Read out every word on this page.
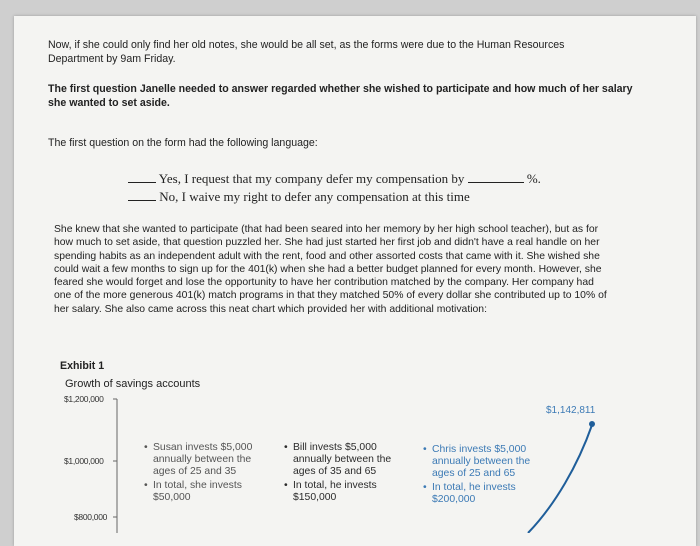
Now, if she could only find her old notes, she would be all set, as the forms were due to the Human Resources Department by 9am Friday.

The first question Janelle needed to answer regarded whether she wished to participate and how much of her salary she wanted to set aside.

The first question on the form had the following language:

Yes, I request that my company defer my compensation by	%.
No, I waive my right to defer any compensation at this time

She knew that she wanted to participate (that had been seared into her memory by her high school teacher), but as for how much to set aside, that question puzzled her. She had just started her first job and didn't have a real handle on her spending habits as an independent adult with the rent, food and other assorted costs that came with it. She wished she could wait a few months to sign up for the 401(k) when she had a better budget planned for every month. However, she feared she would forget and lose the opportunity to have her contribution matched by the company. Her company had one of the more generous 401(k) match programs in that they matched 50% of every dollar she contributed up to 10% of her salary. She also came across this neat chart which provided her with additional motivation:

Exhibit 1
Growth of savings accounts
$1,200,000
$1,000,000
$800,000
$1,142,811
• Susan invests $5,000 annually between the ages of 25 and 35
• In total, she invests $50,000
• Bill invests $5,000 annually between the ages of 35 and 65
• In total, he invests $150,000
• Chris invests $5,000 annually between the ages of 25 and 65
• In total, he invests $200,000
